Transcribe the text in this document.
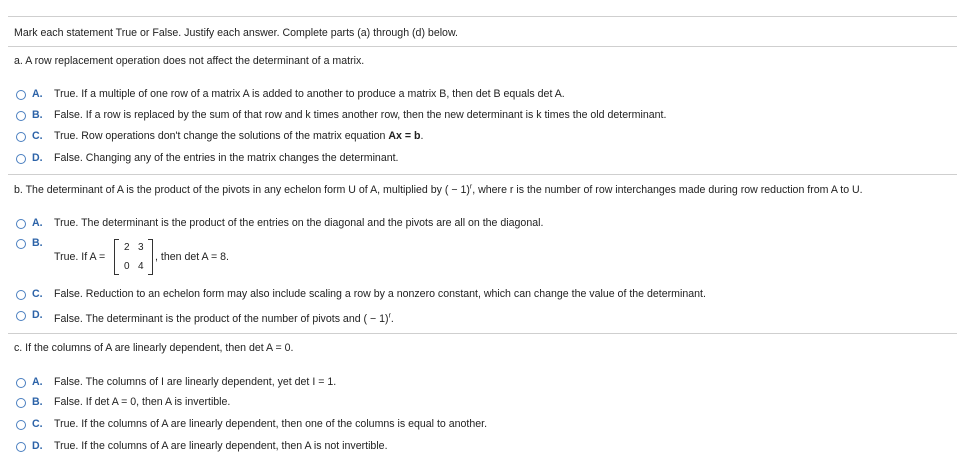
Mark each statement True or False. Justify each answer. Complete parts (a) through (d) below.
a. A row replacement operation does not affect the determinant of a matrix.
A. True. If a multiple of one row of a matrix A is added to another to produce a matrix B, then det B equals det A.
B. False. If a row is replaced by the sum of that row and k times another row, then the new determinant is k times the old determinant.
C. True. Row operations don't change the solutions of the matrix equation Ax = b.
D. False. Changing any of the entries in the matrix changes the determinant.
b. The determinant of A is the product of the pivots in any echelon form U of A, multiplied by ( − 1)$^r$, where r is the number of row interchanges made during row reduction from A to U.
A. True. The determinant is the product of the entries on the diagonal and the pivots are all on the diagonal.
B.
True. If A =
2 3
0 4
, then det A = 8.
C. False. Reduction to an echelon form may also include scaling a row by a nonzero constant, which can change the value of the determinant.
D. False. The determinant is the product of the number of pivots and ( − 1)$^r$.
c. If the columns of A are linearly dependent, then det A = 0.
A. False. The columns of I are linearly dependent, yet det I = 1.
B. False. If det A = 0, then A is invertible.
C. True. If the columns of A are linearly dependent, then one of the columns is equal to another.
D. True. If the columns of A are linearly dependent, then A is not invertible.
